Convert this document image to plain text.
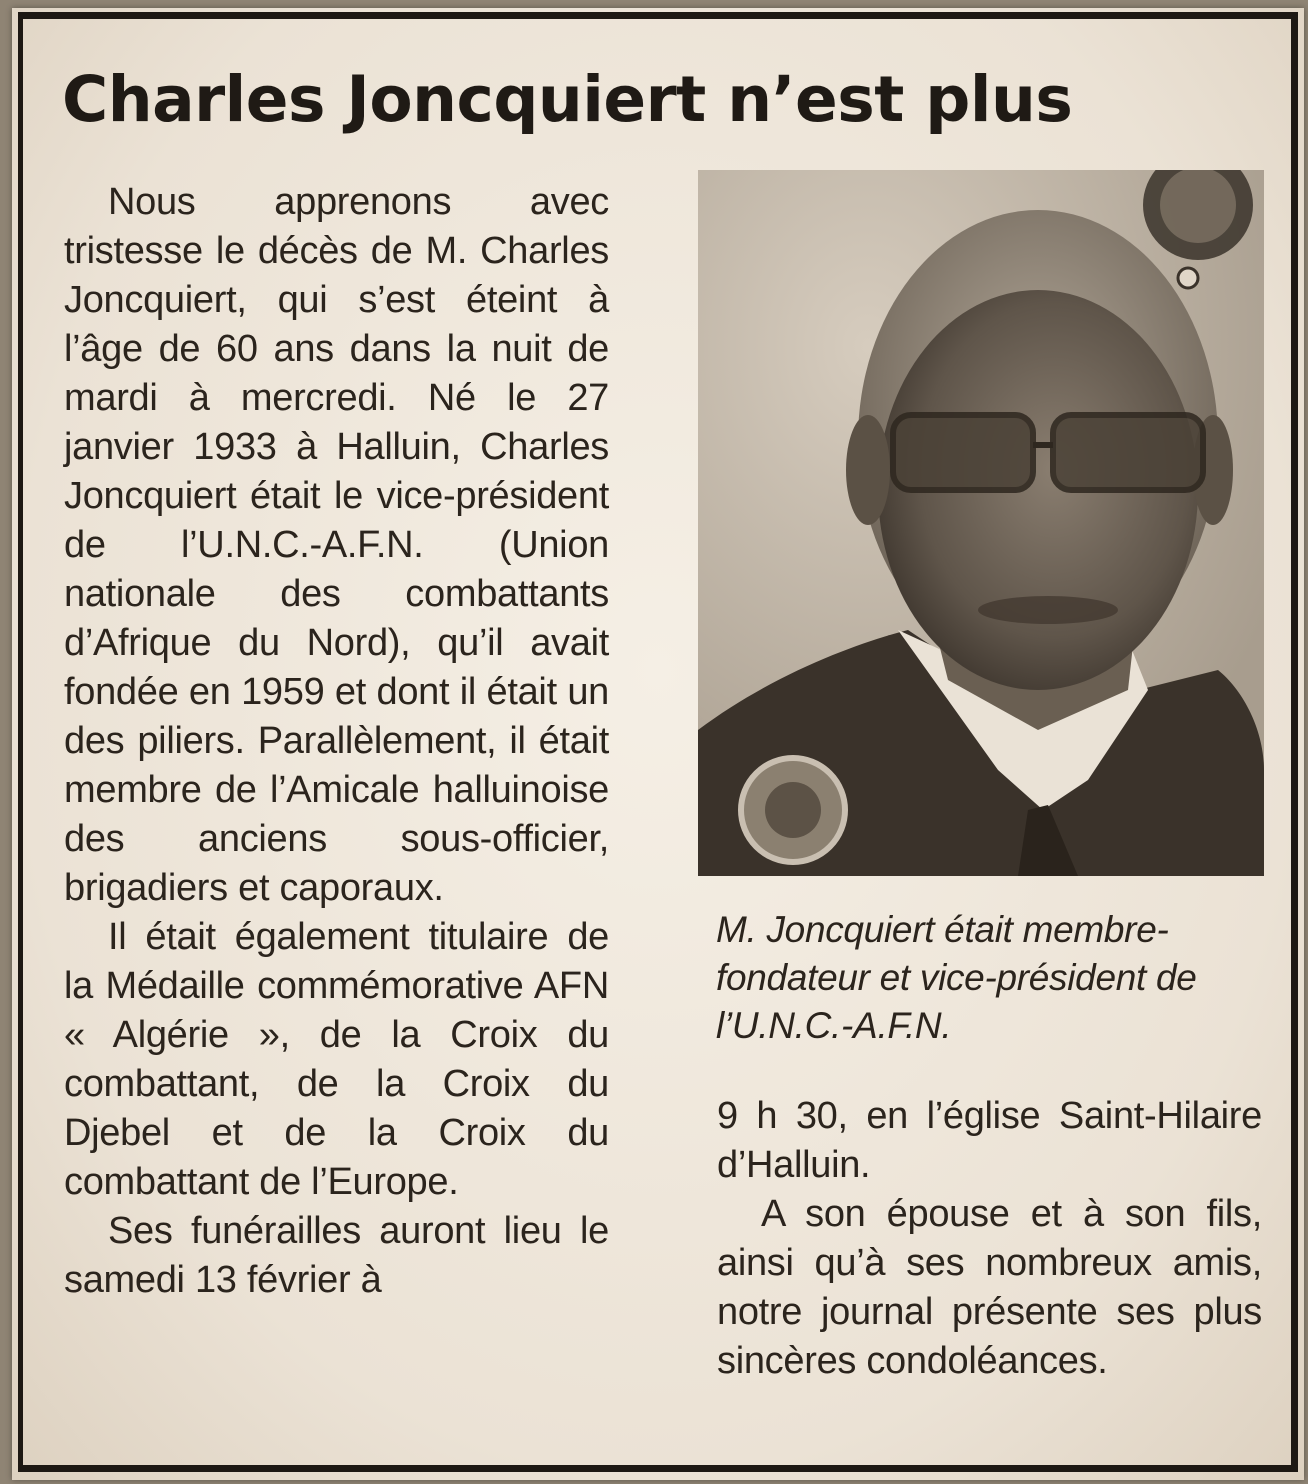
Charles Joncquiert n’est plus

Nous apprenons avec tristesse le décès de M. Charles Joncquiert, qui s’est éteint à l’âge de 60 ans dans la nuit de mardi à mercredi. Né le 27 janvier 1933 à Halluin, Charles Joncquiert était le vice-président de l’U.N.C.-A.F.N. (Union nationale des combattants d’Afrique du Nord), qu’il avait fondée en 1959 et dont il était un des piliers. Parallèlement, il était membre de l’Amicale halluinoise des anciens sous-officier, brigadiers et caporaux.

Il était également titulaire de la Médaille commémorative AFN « Algérie », de la Croix du combattant, de la Croix du Djebel et de la Croix du combattant de l’Europe.

Ses funérailles auront lieu le samedi 13 février à

M. Joncquiert était membre-fondateur et vice-président de l’U.N.C.-A.F.N.

9 h 30, en l’église Saint-Hilaire d’Halluin.

A son épouse et à son fils, ainsi qu’à ses nombreux amis, notre journal présente ses plus sincères condoléances.
